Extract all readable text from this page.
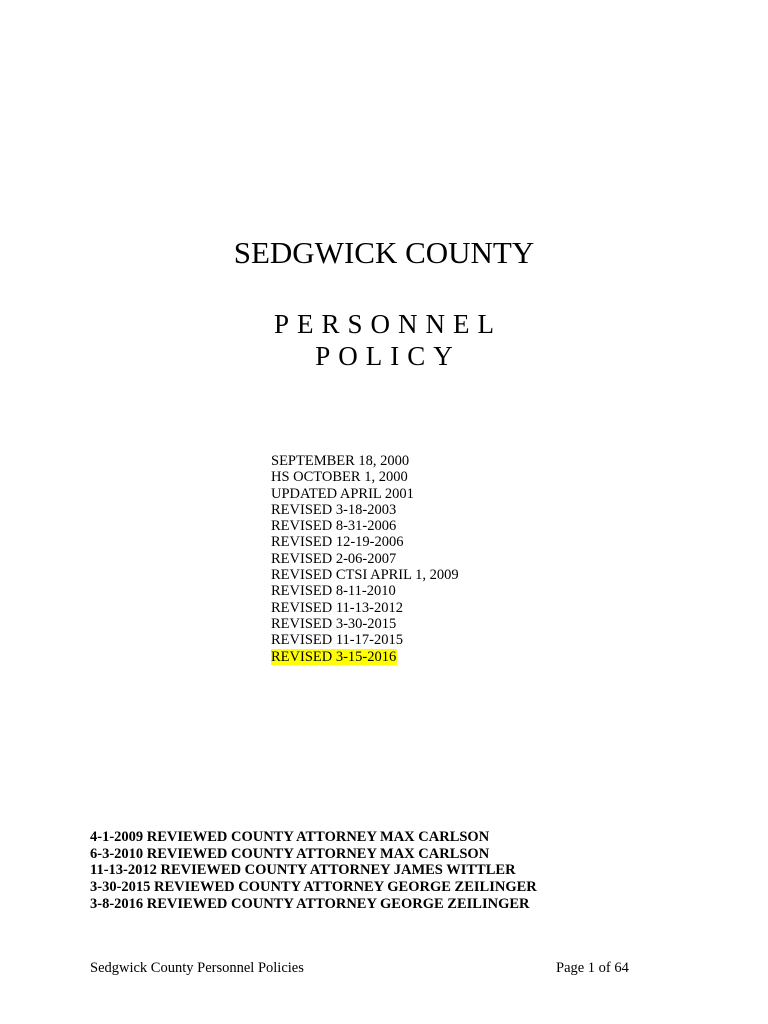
SEDGWICK COUNTY
PERSONNEL
POLICY
SEPTEMBER 18, 2000
HS OCTOBER 1, 2000
UPDATED APRIL 2001
REVISED 3-18-2003
REVISED 8-31-2006
REVISED 12-19-2006
REVISED 2-06-2007
REVISED CTSI APRIL 1, 2009
REVISED 8-11-2010
REVISED 11-13-2012
REVISED 3-30-2015
REVISED 11-17-2015
REVISED 3-15-2016
4-1-2009 REVIEWED COUNTY ATTORNEY MAX CARLSON
6-3-2010 REVIEWED COUNTY ATTORNEY MAX CARLSON
11-13-2012 REVIEWED COUNTY ATTORNEY JAMES WITTLER
3-30-2015 REVIEWED COUNTY ATTORNEY GEORGE ZEILINGER
3-8-2016 REVIEWED COUNTY ATTORNEY GEORGE ZEILINGER
Sedgwick County Personnel Policies	Page 1 of 64
